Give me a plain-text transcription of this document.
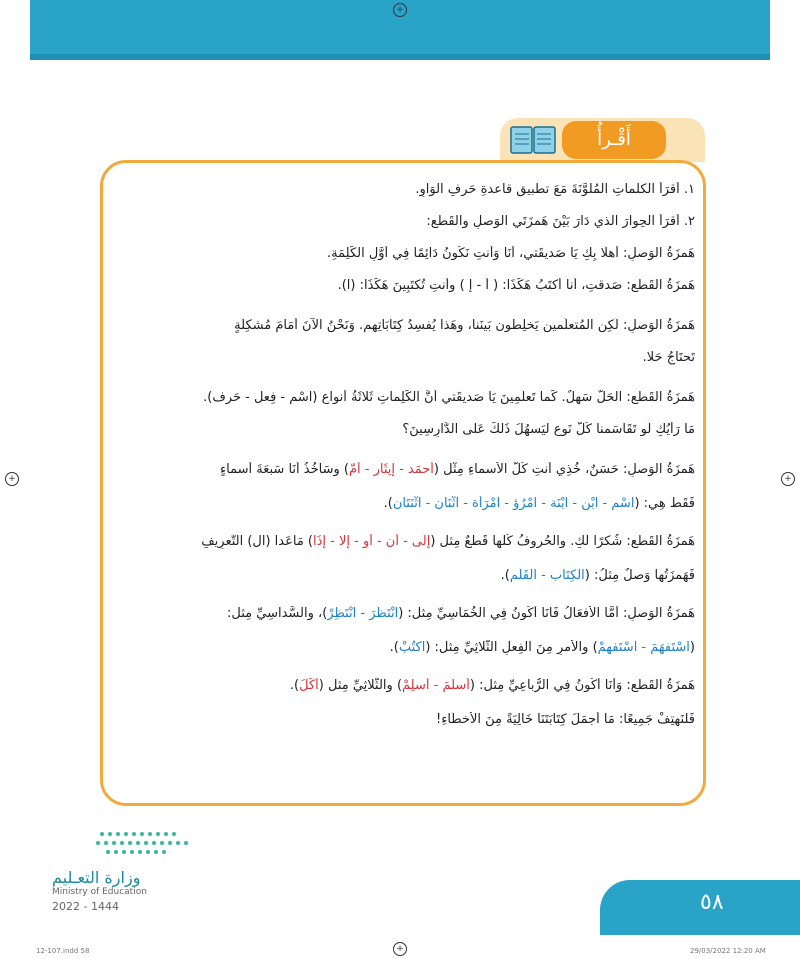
+
+	+
+
أَقْـرأُ
١. أقرَأُ الكلماتِ المُلوَّنَةَ مَعَ تطبيقِ قاعدةِ حَرفِ الوَاوِ.
٢. أقرَأُ الحِوارَ الَّذي دَارَ بَيْنَ هَمزَتَي الوَصلِ والقَطعِ:
هَمزَةُ الوَصلِ: أهلًا بِكِ يَا صَديقَتي، أَنَا وَأَنتِ نَكُونُ دَائِمًا فِي أَوَّلِ الكَلِمَةِ.
هَمزَةُ القَطعِ: صَدقتِ، أنا أُكتَبُ هَكَذَا: ( أ - إ ) وأنتِ تُكتَبِينَ هَكَذَا: (ا).
هَمزَةُ الوَصلِ: لَكِن المُتعلِّمين يَخلِطُون بَينَنا، وهَذا يُفسِدُ كِتَابَاتِهِم. وَنَحْنُ الآنَ أَمَامَ مُشكِلَةٍ
تَحتَاجُ حَلًّا.
هَمزَةُ القَطعِ: الحَلُّ سَهلٌ. كَما تَعلَمِينَ يَا صَديقَتي أَنَّ الكَلِماتِ ثَلاثَةُ أنواعٍ (اسْم - فِعل - حَرف).
مَا رَأيُكِ لَو تَقَاسَمنا كُلَّ نَوعٍ ليَسهُلَ ذَلكَ عَلى الدَّارِسِينَ؟
هَمزَةُ الوَصلِ: حَسَنٌ، خُذِي أَنتِ كُلَّ الأَسماءِ مِثْل (أَحمَد - إِيثَار - أُمّ) وسَآخُذُ أَنَا سَبعَةَ أَسماءٍ
فَقَط هِي: (اسْم - ابْن - ابْنَة - امْرُؤ - امْرَأة - اثْنَان - اثْنَتَان).
هَمزَةُ القَطعِ: شُكرًا لَكِ. والحُروفُ كُلُّها قَطعٌ مِثل (إِلَى - أَن - أَو - إِلَّا - إِذَا) مَاعَدا (ال) التَّعرِيفِ
فَهَمزَتُها وَصلٌ مِثلُ: (الكِتَاب - القَلَم).
هَمزَةُ الوَصلِ: أَمَّا الأَفعَالُ فَأنَا أَكُونُ فِي الخُمَاسِيِّ مِثل: (انْتَظَرَ - انْتَظِرْ)، والسُّداسِيِّ مِثل:
(اسْتَفهَمَ - اسْتَفهِمْ) والأَمرِ مِنَ الفِعلِ الثُّلاثِيِّ مِثل: (اُكتُبْ).
هَمزَةُ القَطعِ: وَأَنَا أَكُونُ فِي الرُّباعِيِّ مِثل: (أَسلَمَ - أَسلِمْ) والثُّلاثِيِّ مِثل (أَكَلَ).
فَلنَهتِفْ جَمِيعًا: مَا أَجمَلَ كِتَابَتَنَا خَالِيَةً مِنَ الأَخطَاءِ!
وزارة التعـليم
Ministry of Education
2022 - 1444	٥٨
12-107.indd 58	29/03/2022 12:20 AM
